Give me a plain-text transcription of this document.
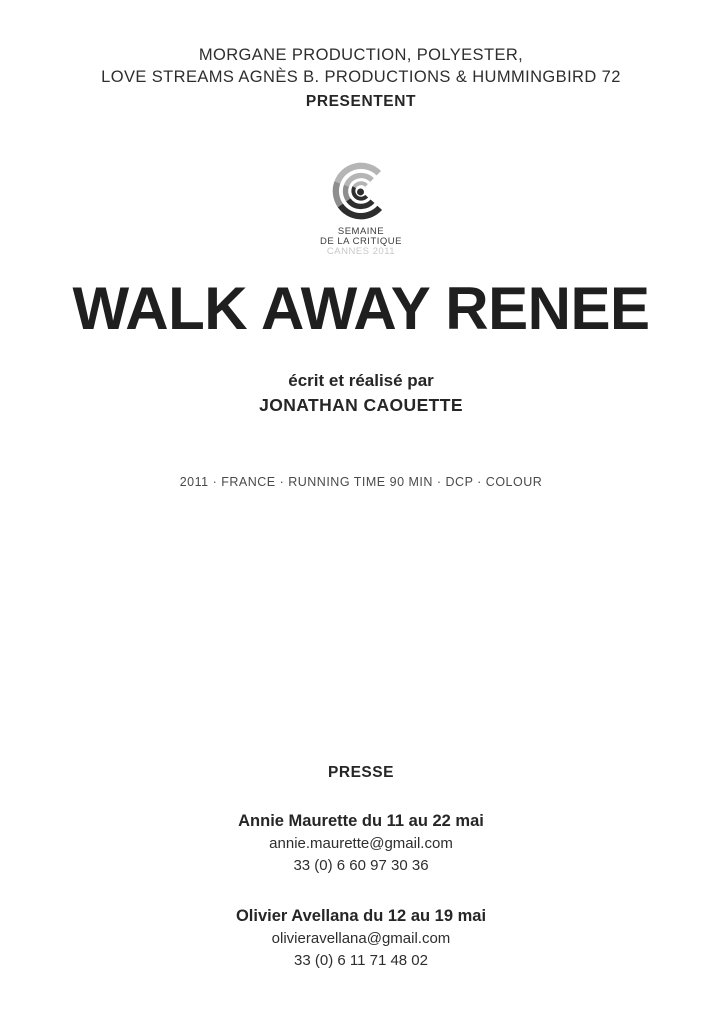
MORGANE PRODUCTION, POLYESTER,
LOVE STREAMS AGNÈS B. PRODUCTIONS & HUMMINGBIRD 72
PRESENTENT
SEMAINE
DE LA CRITIQUE
CANNES 2011
WALK AWAY RENEE
écrit et réalisé par
JONATHAN CAOUETTE
2011 · FRANCE · RUNNING TIME 90 MIN · DCP · COLOUR
PRESSE
Annie Maurette du 11 au 22 mai
annie.maurette@gmail.com
33 (0) 6 60 97 30 36
Olivier Avellana du 12 au 19 mai
olivieravellana@gmail.com
33 (0) 6 11 71 48 02
